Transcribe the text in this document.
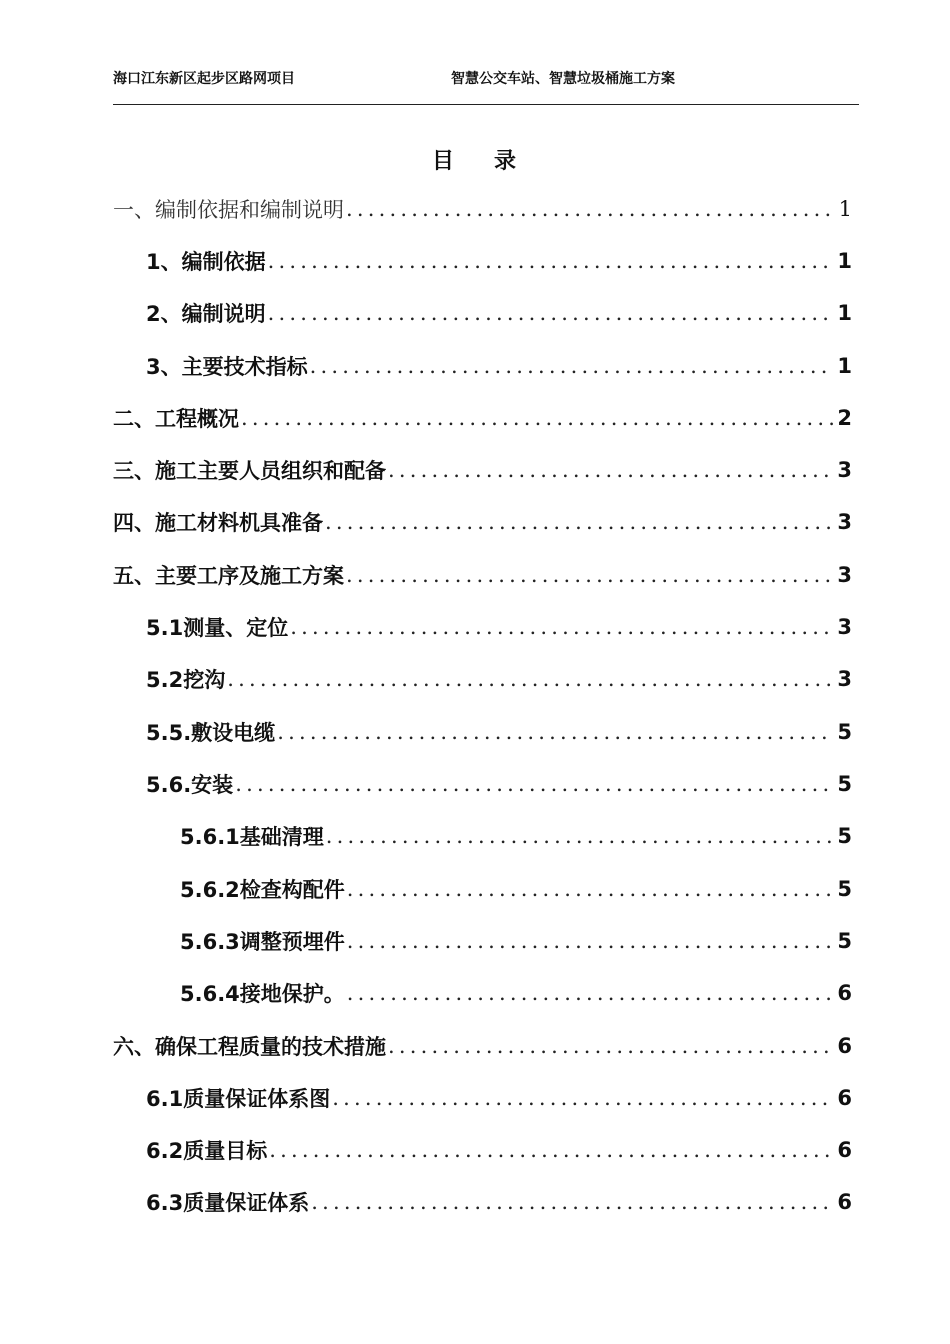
海口江东新区起步区路网项目	智慧公交车站、智慧垃圾桶施工方案
目 录
一、编制依据和编制说明 .....	1
1、编制依据 .....	1
2、编制说明 .....	1
3、主要技术指标 .....	1
二、工程概况 .....	2
三、施工主要人员组织和配备 .....	3
四、施工材料机具准备 .....	3
五、主要工序及施工方案 .....	3
5.1测量、定位 .....	3
5.2挖沟 .....	3
5.5.敷设电缆 .....	5
5.6.安装 .....	5
5.6.1基础清理 .....	5
5.6.2检查构配件 .....	5
5.6.3调整预埋件 .....	5
5.6.4接地保护。 .....	6
六、确保工程质量的技术措施 .....	6
6.1质量保证体系图 .....	6
6.2质量目标 .....	6
6.3质量保证体系 .....	6
